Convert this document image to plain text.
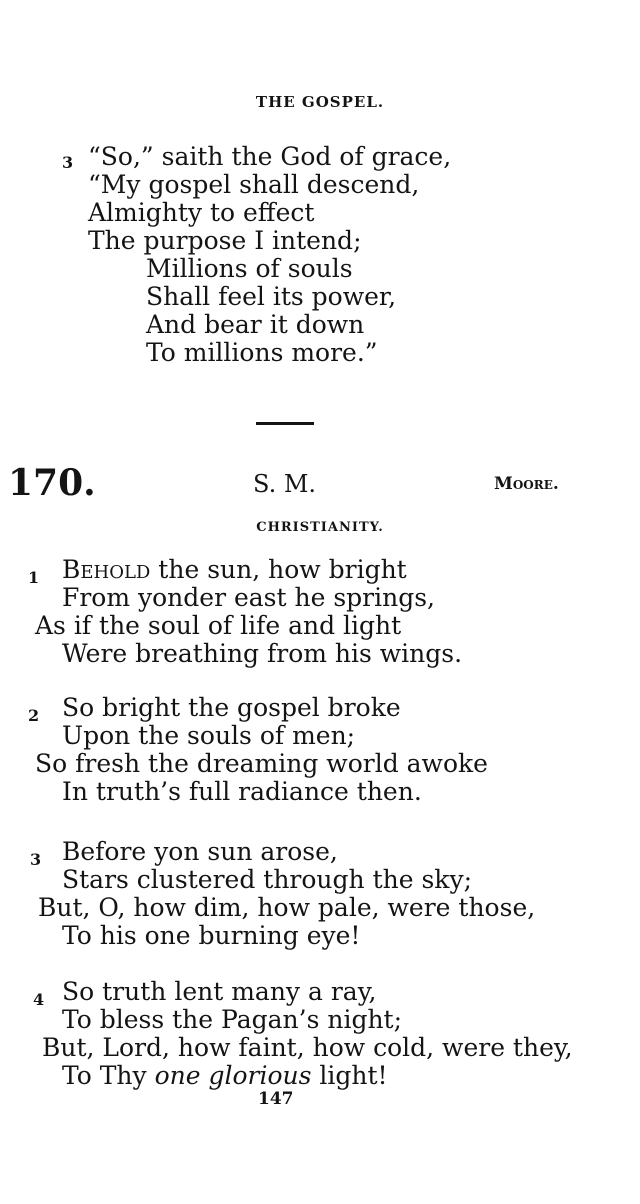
THE GOSPEL.
3 “So,” saith the God of grace,
“My gospel shall descend,
Almighty to effect
The purpose I intend;
Millions of souls
Shall feel its power,
And bear it down
To millions more.”
170.	S. M.	Moore.
CHRISTIANITY.
1 Behold the sun, how bright
From yonder east he springs,
As if the soul of life and light
Were breathing from his wings.
2 So bright the gospel broke
Upon the souls of men;
So fresh the dreaming world awoke
In truth’s full radiance then.
3 Before yon sun arose,
Stars clustered through the sky;
But, O, how dim, how pale, were those,
To his one burning eye!
4 So truth lent many a ray,
To bless the Pagan’s night;
But, Lord, how faint, how cold, were they,
To Thy one glorious light!
147
